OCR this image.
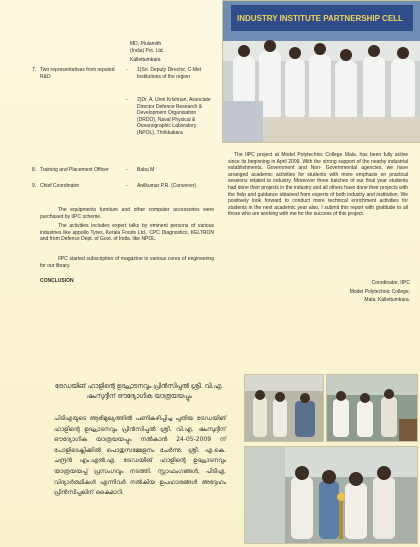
MD, Plulamith
(India) Pvt. Ltd.
Kallettumkara
7. Two representatives from reputed R&D
- 1)Sri. Deputy Director, C-Met Institutions of the region
- 2)Dr. A. Unni Krishnan, Associate Director Defence Research & Development Organisation (DRDO), Naval Physical & Oceanographic Laboratory (NPOL), Thrikkakara
8. Training and Placement Officer	- Babu M
9. Chief Coordinator	- Anilkumar P.R. (Convener)
The equipments furniture and other computer accessories were purchased by IIPC scheme.
The activities includes expert talks by eminent persons of various industries like appollo Tyres, Kerala Foods Ltd., CPC Diagnostics, KELTRON and from Defence Dept. of Govt. of India, like NPOL.
IIPC started subscription of magazine in various cores of engineering for our library.
CONCLUSION
INDUSTRY INSTITUTE PARTNERSHIP CELL
The IIPC project at Model Polytechnic College Mala, has been fully active since its beginning in April 2009. With the strong support of the nearby industrial establishments, Government and Non- Governmental agencies, we have arranged academic activities for students with more emphasis on practical sessions related to industry. Moreover three batches of our final year students had done their projects in the industry and all others have done their projects with the help and guidance obtained from experts of both industry and institution. We positively look forward to conduct more technical enrichment activities for students in the next academic year also. I submit this report with gratitude to all those who are working with me for the success of this project.
Coordinator, IIPC
Model Polytechnic College,
Mala, Kallettumkara.
ട്രേഡയിങ് ഹാളിന്റെ ഉദ്ഘാടനവും പ്രിൻസിപ്പൽ ശ്രീ. വി.എ. ഷംസുദ്ദീന് ഔദ്യോഗിക യാത്രയയപ്പും
പിടിഎയുടെ ആഭിമുഖ്യത്തിൽ പണികഴിപ്പിച്ച പുതിയ ട്രേഡയിങ് ഹാളിന്റെ ഉദ്ഘാടനവും പ്രിൻസിപ്പൽ ശ്രീ. വി.എ. ഷംസുദ്ദീന് ഔദ്യോഗിക യാത്രയയപ്പും നൽകാൻ 24-05-2009 ന് പോളിടെക്നിക്കിൽ പൊതുസമ്മേളനം ചേർന്നു. ശ്രീ. എ.കെ. ചന്ദ്രൻ എം.എൽ.എ. ട്രേഡയിങ് ഹാളിന്റെ ഉദ്ഘാടനവും യാത്രയയപ്പ് പ്രസംഗവും നടത്തി. സ്റ്റാഫംഗങ്ങൾ, പിടിഎ, വിദ്യാർത്ഥികൾ എന്നിവർ നൽകിയ ഉപഹാരങ്ങൾ അദ്ദേഹം പ്രിൻസിപ്പലിന് കൈമാറി.
